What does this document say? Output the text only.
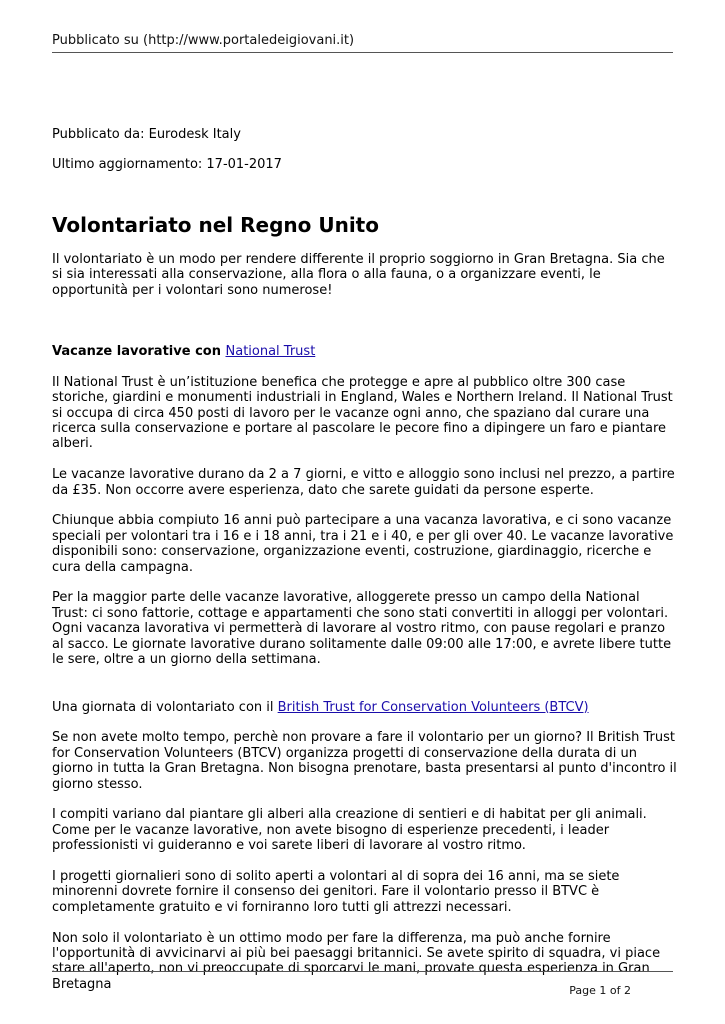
Pubblicato su (http://www.portaledeigiovani.it)

Pubblicato da: Eurodesk Italy

Ultimo aggiornamento: 17-01-2017

Volontariato nel Regno Unito

Il volontariato è un modo per rendere differente il proprio soggiorno in Gran Bretagna. Sia che si sia interessati alla conservazione, alla flora o alla fauna, o a organizzare eventi, le opportunità per i volontari sono numerose!

Vacanze lavorative con National Trust

Il National Trust è un’istituzione benefica che protegge e apre al pubblico oltre 300 case storiche, giardini e monumenti industriali in England, Wales e Northern Ireland. Il National Trust si occupa di circa 450 posti di lavoro per le vacanze ogni anno, che spaziano dal curare una ricerca sulla conservazione e portare al pascolare le pecore fino a dipingere un faro e piantare alberi.

Le vacanze lavorative durano da 2 a 7 giorni, e vitto e alloggio sono inclusi nel prezzo, a partire da £35. Non occorre avere esperienza, dato che sarete guidati da persone esperte.

Chiunque abbia compiuto 16 anni può partecipare a una vacanza lavorativa, e ci sono vacanze speciali per volontari tra i 16 e i 18 anni, tra i 21 e i 40, e per gli over 40. Le vacanze lavorative disponibili sono: conservazione, organizzazione eventi, costruzione, giardinaggio, ricerche e cura della campagna.

Per la maggior parte delle vacanze lavorative, alloggerete presso un campo della National Trust: ci sono fattorie, cottage e appartamenti che sono stati convertiti in alloggi per volontari. Ogni vacanza lavorativa vi permetterà di lavorare al vostro ritmo, con pause regolari e pranzo al sacco. Le giornate lavorative durano solitamente dalle 09:00 alle 17:00, e avrete libere tutte le sere, oltre a un giorno della settimana.

Una giornata di volontariato con il British Trust for Conservation Volunteers (BTCV)

Se non avete molto tempo, perchè non provare a fare il volontario per un giorno? Il British Trust for Conservation Volunteers (BTCV) organizza progetti di conservazione della durata di un giorno in tutta la Gran Bretagna. Non bisogna prenotare, basta presentarsi al punto d'incontro il giorno stesso.

I compiti variano dal piantare gli alberi alla creazione di sentieri e di habitat per gli animali. Come per le vacanze lavorative, non avete bisogno di esperienze precedenti, i leader professionisti vi guideranno e voi sarete liberi di lavorare al vostro ritmo.

I progetti giornalieri sono di solito aperti a volontari al di sopra dei 16 anni, ma se siete minorenni dovrete fornire il consenso dei genitori. Fare il volontario presso il BTVC è completamente gratuito e vi forniranno loro tutti gli attrezzi necessari.

Non solo il volontariato è un ottimo modo per fare la differenza, ma può anche fornire l'opportunità di avvicinarvi ai più bei paesaggi britannici. Se avete spirito di squadra, vi piace stare all'aperto, non vi preoccupate di sporcarvi le mani, provate questa esperienza in Gran Bretagna	Page 1 of 2
